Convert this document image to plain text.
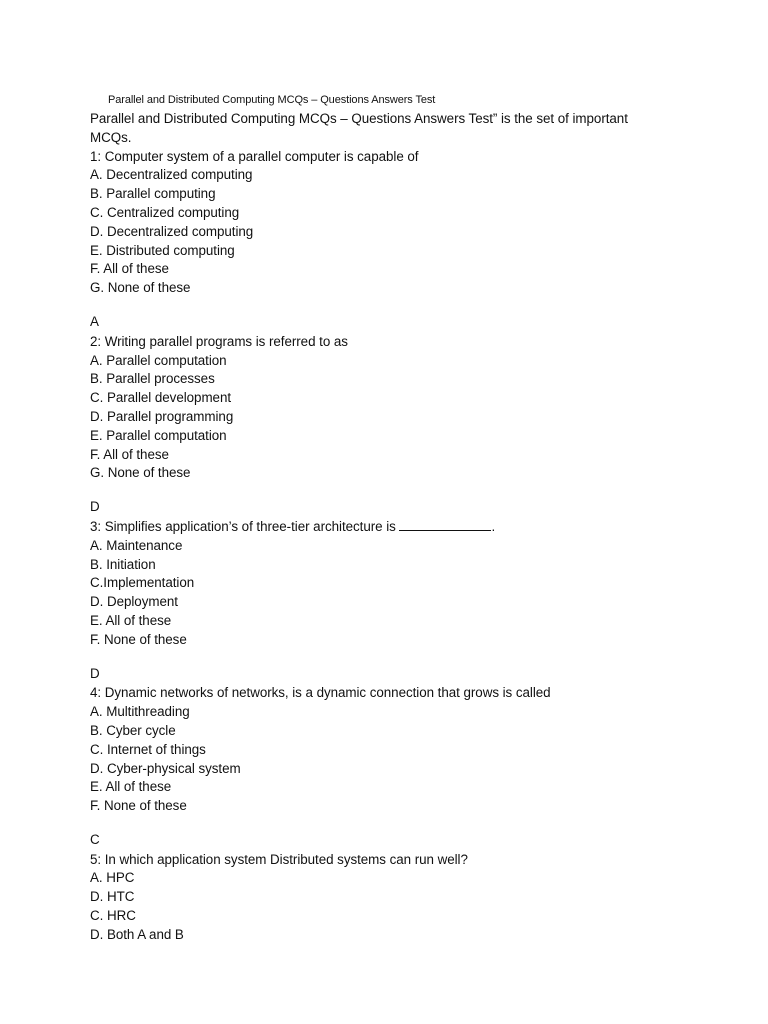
Parallel and Distributed Computing MCQs – Questions Answers Test
Parallel and Distributed Computing MCQs – Questions Answers Test” is the set of important
MCQs.
1: Computer system of a parallel computer is capable of
A. Decentralized computing
B. Parallel computing
C. Centralized computing
D. Decentralized computing
E. Distributed computing
F. All of these
G. None of these
A
2: Writing parallel programs is referred to as
A. Parallel computation
B. Parallel processes
C. Parallel development
D. Parallel programming
E. Parallel computation
F. All of these
G. None of these
D
3: Simplifies application’s of three-tier architecture is	.
A. Maintenance
B. Initiation
C.Implementation
D. Deployment
E. All of these
F. None of these
D
4: Dynamic networks of networks, is a dynamic connection that grows is called
A. Multithreading
B. Cyber cycle
C. Internet of things
D. Cyber-physical system
E. All of these
F. None of these
C
5: In which application system Distributed systems can run well?
A. HPC
D. HTC
C. HRC
D. Both A and B
